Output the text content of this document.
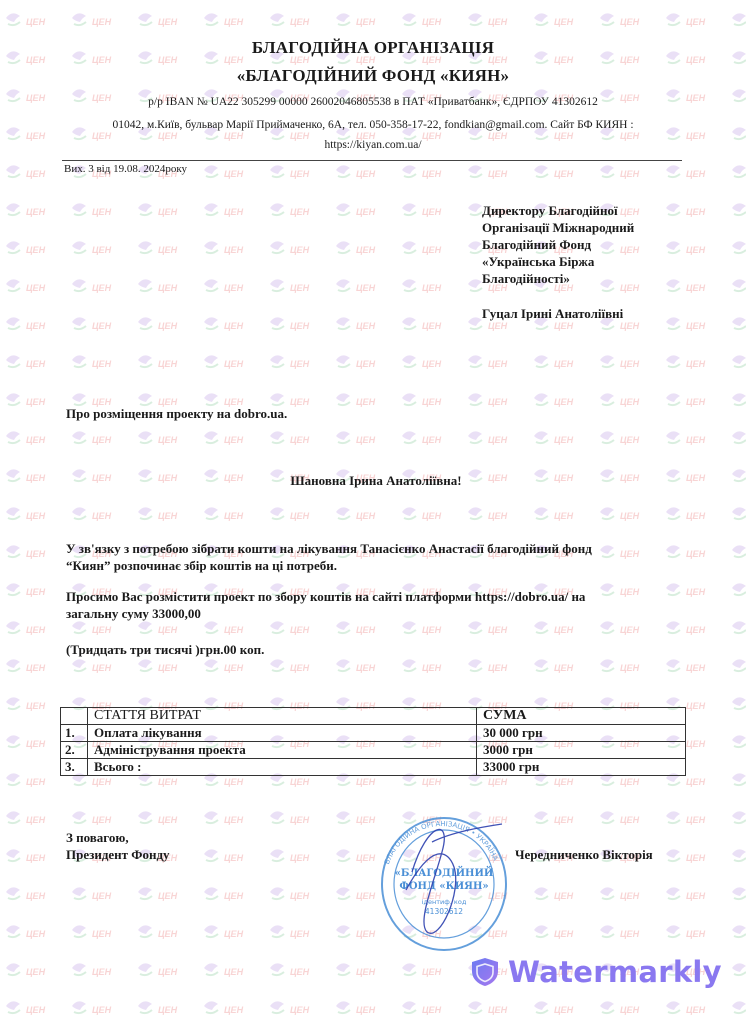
БЛАГОДІЙНА ОРГАНІЗАЦІЯ
«БЛАГОДІЙНИЙ ФОНД «КИЯН»
р/р IBAN № UA22 305299 00000 26002046805538 в ПАТ «Приватбанк», ЄДРПОУ 41302612
01042, м.Київ, бульвар Марії Приймаченко, 6А, тел. 050-358-17-22, fondkian@gmail.com. Сайт БФ КИЯН :
https://kiyan.com.ua/
Вих. 3 від 19.08. 2024року
Директору Благодійної
Організації Міжнародний
Благодійний Фонд
«Українська Біржа
Благодійності»
Гуцал Ірині Анатоліївні
Про розміщення проекту на dobro.ua.
Шановна Ірина Анатоліївна!
У зв'язку з потребою зібрати кошти на лікування Танасієнко Анастасії благодійний фонд
“Киян” розпочинає збір коштів на ці потреби.
Просимо Вас розмістити проект по збору коштів на сайті платформи https://dobro.ua/ на
загальну суму 33000,00
(Тридцать три тисячі )грн.00 коп.
	СТАТТЯ ВИТРАТ	СУМА
1.	Оплата лікування	30 000 грн
2.	Адміністрування проекта	3000 грн
3.	Всього :	33000 грн
З повагою,
Президент Фонду	Чередниченко Вікторія
БЛАГОДІЙНА ОРГАНІЗАЦІЯ • УКРАЇНА
«БЛАГОДІЙНИЙ
ФОНД «КИЯН»
ідентиф. код
41302612
Watermarkly
